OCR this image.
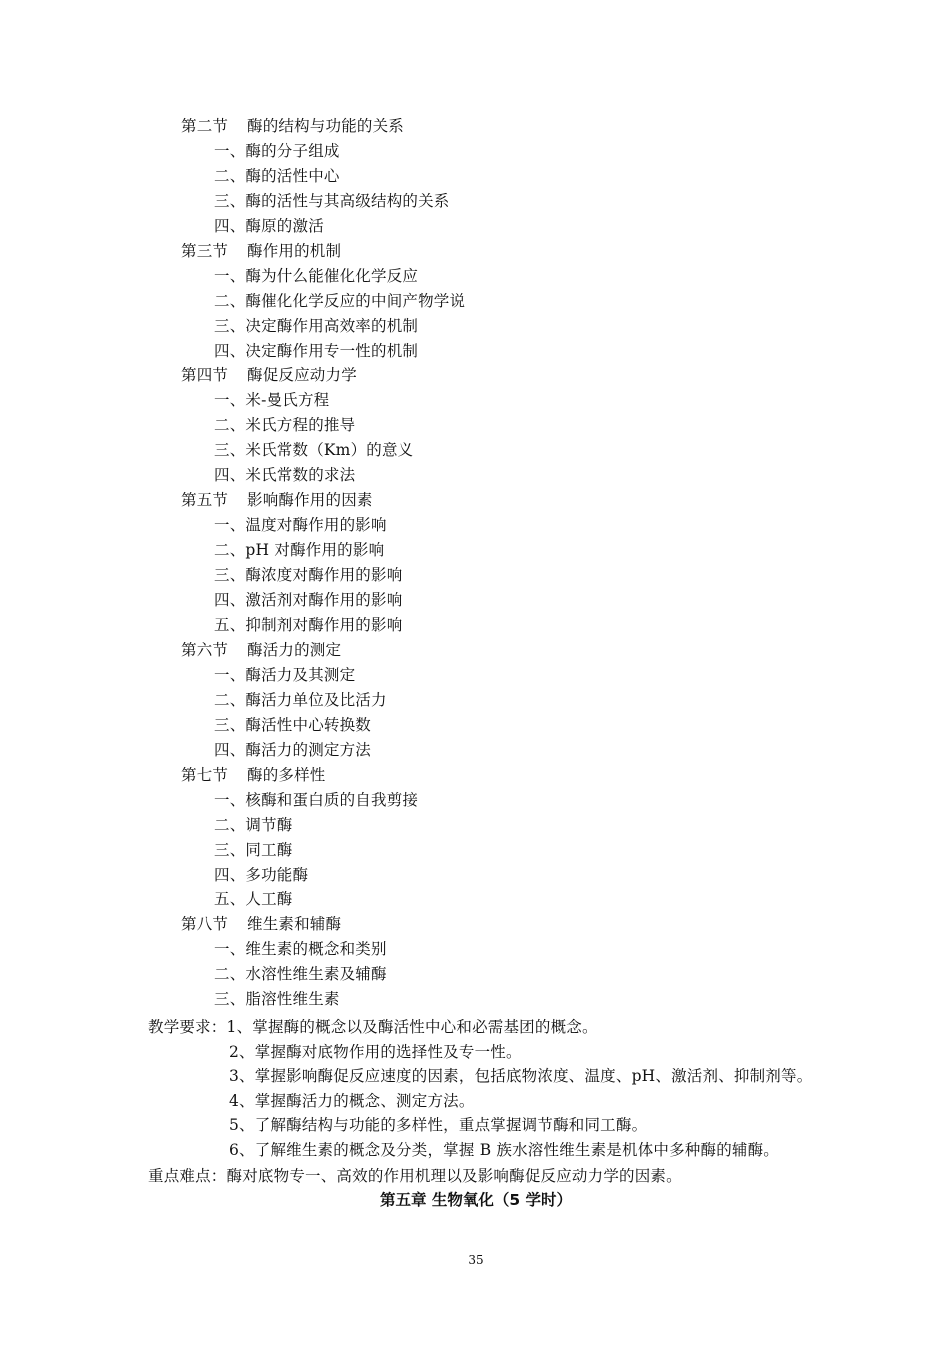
第二节 酶的结构与功能的关系
一、酶的分子组成
二、酶的活性中心
三、酶的活性与其高级结构的关系
四、酶原的激活
第三节 酶作用的机制
一、酶为什么能催化化学反应
二、酶催化化学反应的中间产物学说
三、决定酶作用高效率的机制
四、决定酶作用专一性的机制
第四节 酶促反应动力学
一、米-曼氏方程
二、米氏方程的推导
三、米氏常数（Km）的意义
四、米氏常数的求法
第五节 影响酶作用的因素
一、温度对酶作用的影响
二、pH 对酶作用的影响
三、酶浓度对酶作用的影响
四、激活剂对酶作用的影响
五、抑制剂对酶作用的影响
第六节 酶活力的测定
一、酶活力及其测定
二、酶活力单位及比活力
三、酶活性中心转换数
四、酶活力的测定方法
第七节 酶的多样性
一、核酶和蛋白质的自我剪接
二、调节酶
三、同工酶
四、多功能酶
五、人工酶
第八节 维生素和辅酶
一、维生素的概念和类别
二、水溶性维生素及辅酶
三、脂溶性维生素
教学要求：1、掌握酶的概念以及酶活性中心和必需基团的概念。
2、掌握酶对底物作用的选择性及专一性。
3、掌握影响酶促反应速度的因素，包括底物浓度、温度、pH、激活剂、抑制剂等。
4、掌握酶活力的概念、测定方法。
5、了解酶结构与功能的多样性，重点掌握调节酶和同工酶。
6、了解维生素的概念及分类，掌握 B 族水溶性维生素是机体中多种酶的辅酶。
重点难点：酶对底物专一、高效的作用机理以及影响酶促反应动力学的因素。
第五章 生物氧化（5 学时）
35
